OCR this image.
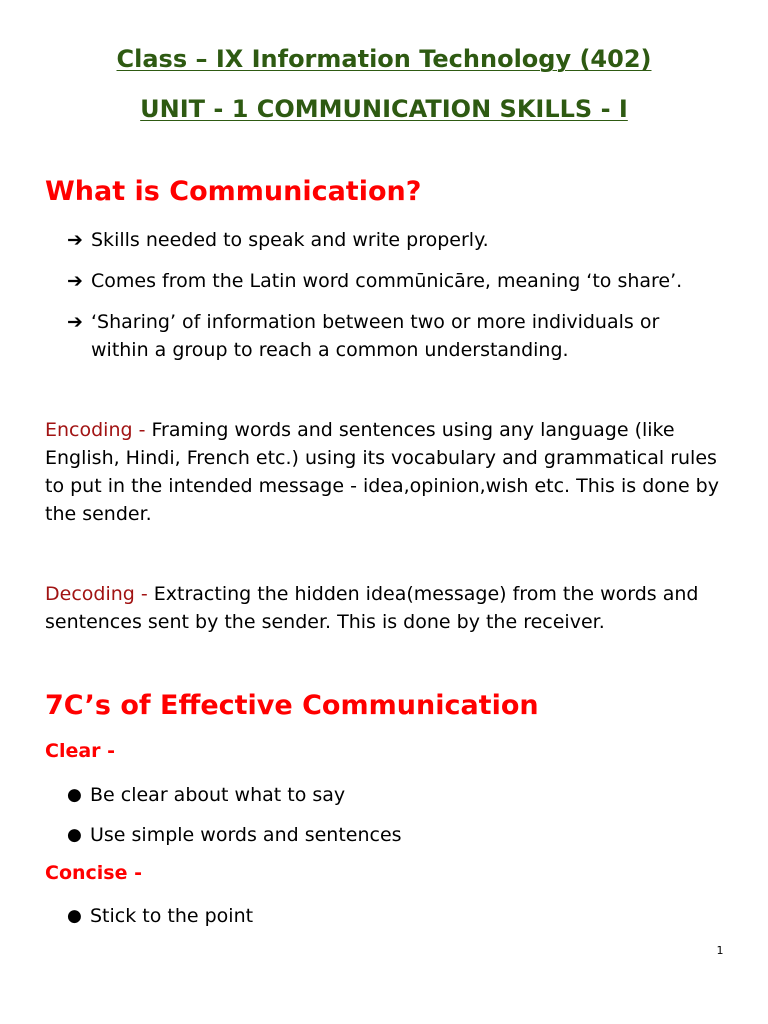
Class – IX Information Technology (402)
UNIT - 1 COMMUNICATION SKILLS - I
What is Communication?
➔ Skills needed to speak and write properly.
➔ Comes from the Latin word commūnicāre, meaning ‘to share’.
➔ ‘Sharing’ of information between two or more individuals or within a group to reach a common understanding.

Encoding - Framing words and sentences using any language (like English, Hindi, French etc.) using its vocabulary and grammatical rules to put in the intended message - idea,opinion,wish etc. This is done by the sender.

Decoding - Extracting the hidden idea(message) from the words and sentences sent by the sender. This is done by the receiver.

7C’s of Effective Communication
Clear -
● Be clear about what to say
● Use simple words and sentences
Concise -
● Stick to the point
1
